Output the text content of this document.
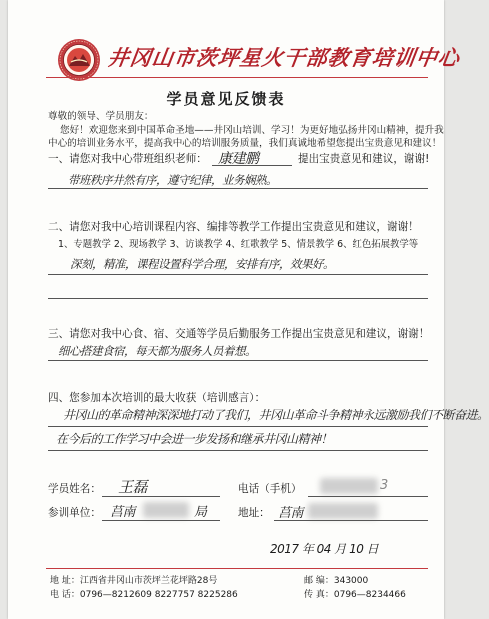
井冈山市茨坪星火干部教育培训中心
学员意见反馈表
尊敬的领导、学员朋友：
您好！欢迎您来到中国革命圣地——井冈山培训、学习！为更好地弘扬井冈山精神，提升我
中心的培训业务水平，提高我中心的培训服务质量，我们真诚地希望您提出宝贵意见和建议！
一、请您对我中心带班组织老师： 康建鹏	提出宝贵意见和建议，谢谢!
带班秩序井然有序，遵守纪律，业务娴熟。
二、请您对我中心培训课程内容、编排等教学工作提出宝贵意见和建议，谢谢！
1、专题教学 2、现场教学 3、访谈教学 4、红歌教学 5、情景教学 6、红色拓展教学等
深刻，精准，课程设置科学合理，安排有序，效果好。
三、请您对我中心食、宿、交通等学员后勤服务工作提出宝贵意见和建议，谢谢！
细心搭建食宿，每天都为服务人员着想。
四、您参加本次培训的最大收获（培训感言）：
井冈山的革命精神深深地打动了我们，井冈山革命斗争精神永远激励我们不断奋进。
在今后的工作学习中会进一步发扬和继承井冈山精神！
学员姓名： 王磊	电话（手机）	3
参训单位： 莒南	局	地址： 莒南
2017 年 04 月 10 日
地 址：江西省井冈山市茨坪兰花坪路28号
电 话：0796—8212609 8227757 8225286
邮 编：343000
传 真：0796—8234466
